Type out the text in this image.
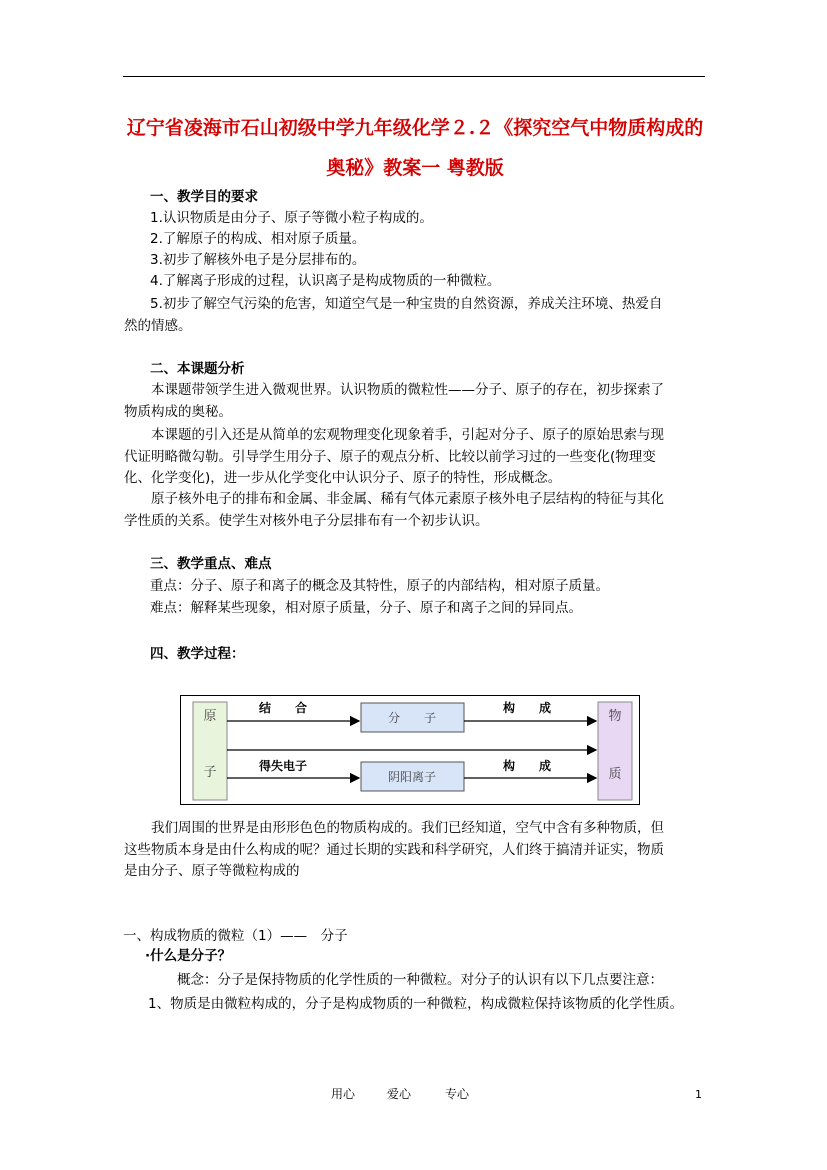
辽宁省凌海市石山初级中学九年级化学２.２《探究空气中物质构成的
奥秘》教案一 粤教版

一、教学目的要求

1.认识物质是由分子、原子等微小粒子构成的。

2.了解原子的构成、相对原子质量。

3.初步了解核外电子是分层排布的。

4.了解离子形成的过程，认识离子是构成物质的一种微粒。

5.初步了解空气污染的危害，知道空气是一种宝贵的自然资源，养成关注环境、热爱自

然的情感。

二、本课题分析

本课题带领学生进入微观世界。认识物质的微粒性——分子、原子的存在，初步探索了

物质构成的奥秘。

本课题的引入还是从简单的宏观物理变化现象着手，引起对分子、原子的原始思索与现

代证明略微勾勒。引导学生用分子、原子的观点分析、比较以前学习过的一些变化(物理变

化、化学变化)，进一步从化学变化中认识分子、原子的特性，形成概念。

原子核外电子的排布和金属、非金属、稀有气体元素原子核外电子层结构的特征与其化

学性质的关系。使学生对核外电子分层排布有一个初步认识。

三、教学重点、难点

重点：分子、原子和离子的概念及其特性，原子的内部结构，相对原子质量。

难点：解释某些现象，相对原子质量，分子、原子和离子之间的异同点。

四、教学过程：

原
子
物
质
结　　合
分　　子
构　　成
得失电子
阴阳离子
构　　成

我们周围的世界是由形形色色的物质构成的。我们已经知道，空气中含有多种物质，但

这些物质本身是由什么构成的呢？通过长期的实践和科学研究，人们终于搞清并证实，物质

是由分子、原子等微粒构成的

一、构成物质的微粒（1）——　分子

·什么是分子？

概念：分子是保持物质的化学性质的一种微粒。对分子的认识有以下几点要注意：

1、物质是由微粒构成的，分子是构成物质的一种微粒，构成微粒保持该物质的化学性质。

用心	爱心	专心	1
